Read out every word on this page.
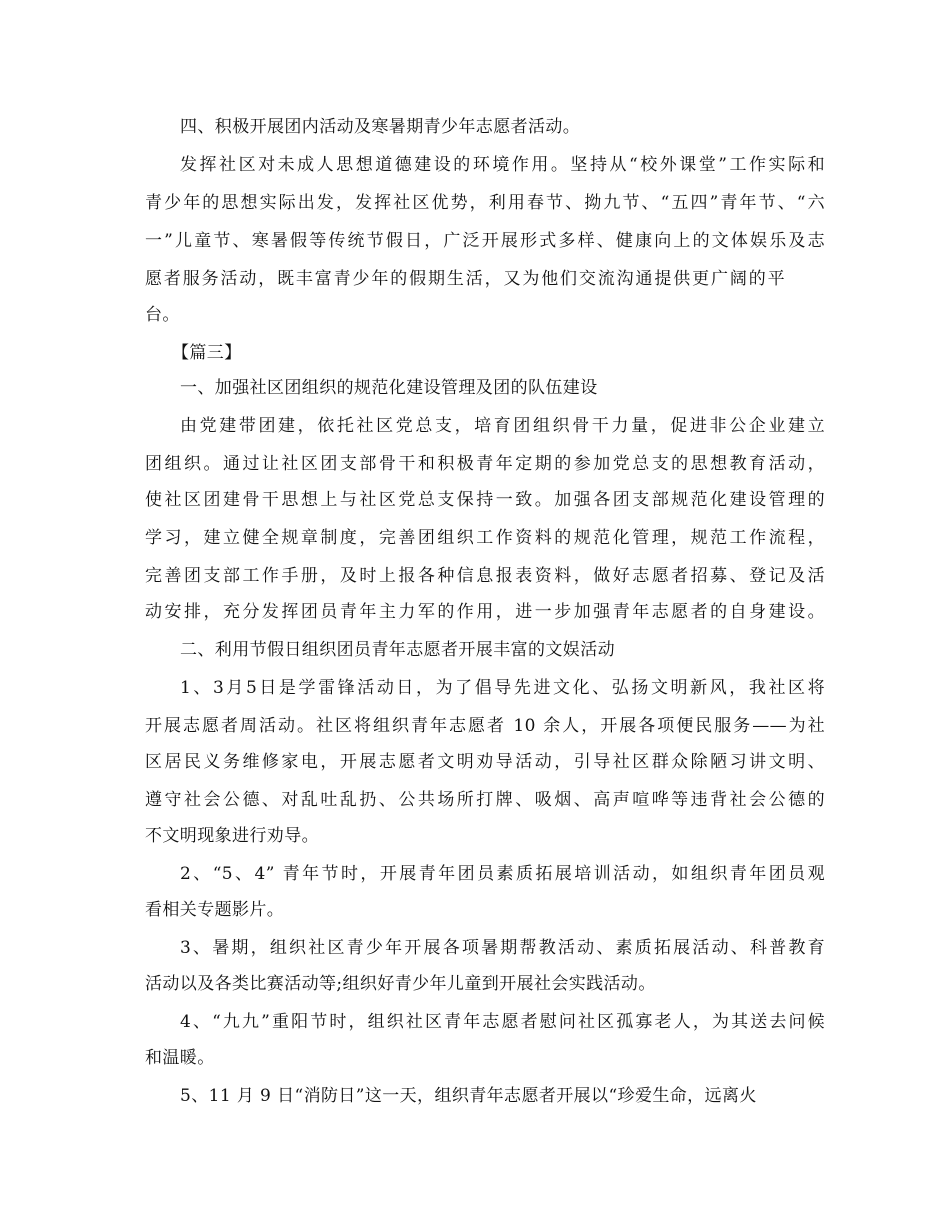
四、积极开展团内活动及寒暑期青少年志愿者活动。
发挥社区对未成人思想道德建设的环境作用。坚持从“校外课堂”工作实际和
青少年的思想实际出发，发挥社区优势，利用春节、拗九节、“五四”青年节、“六
一”儿童节、寒暑假等传统节假日，广泛开展形式多样、健康向上的文体娱乐及志
愿者服务活动，既丰富青少年的假期生活，又为他们交流沟通提供更广阔的平
台。
【篇三】
一、加强社区团组织的规范化建设管理及团的队伍建设
由党建带团建，依托社区党总支，培育团组织骨干力量，促进非公企业建立
团组织。通过让社区团支部骨干和积极青年定期的参加党总支的思想教育活动，
使社区团建骨干思想上与社区党总支保持一致。加强各团支部规范化建设管理的
学习，建立健全规章制度，完善团组织工作资料的规范化管理，规范工作流程，
完善团支部工作手册，及时上报各种信息报表资料，做好志愿者招募、登记及活
动安排，充分发挥团员青年主力军的作用，进一步加强青年志愿者的自身建设。
二、利用节假日组织团员青年志愿者开展丰富的文娱活动
1、3月5日是学雷锋活动日，为了倡导先进文化、弘扬文明新风，我社区将
开展志愿者周活动。社区将组织青年志愿者 10 余人，开展各项便民服务——为社
区居民义务维修家电，开展志愿者文明劝导活动，引导社区群众除陋习讲文明、
遵守社会公德、对乱吐乱扔、公共场所打牌、吸烟、高声喧哗等违背社会公德的
不文明现象进行劝导。
2、“5、4” 青年节时，开展青年团员素质拓展培训活动，如组织青年团员观
看相关专题影片。
3、暑期，组织社区青少年开展各项暑期帮教活动、素质拓展活动、科普教育
活动以及各类比赛活动等;组织好青少年儿童到开展社会实践活动。
4、“九九”重阳节时，组织社区青年志愿者慰问社区孤寡老人，为其送去问候
和温暖。
5、11 月 9 日“消防日”这一天，组织青年志愿者开展以“珍爱生命，远离火
